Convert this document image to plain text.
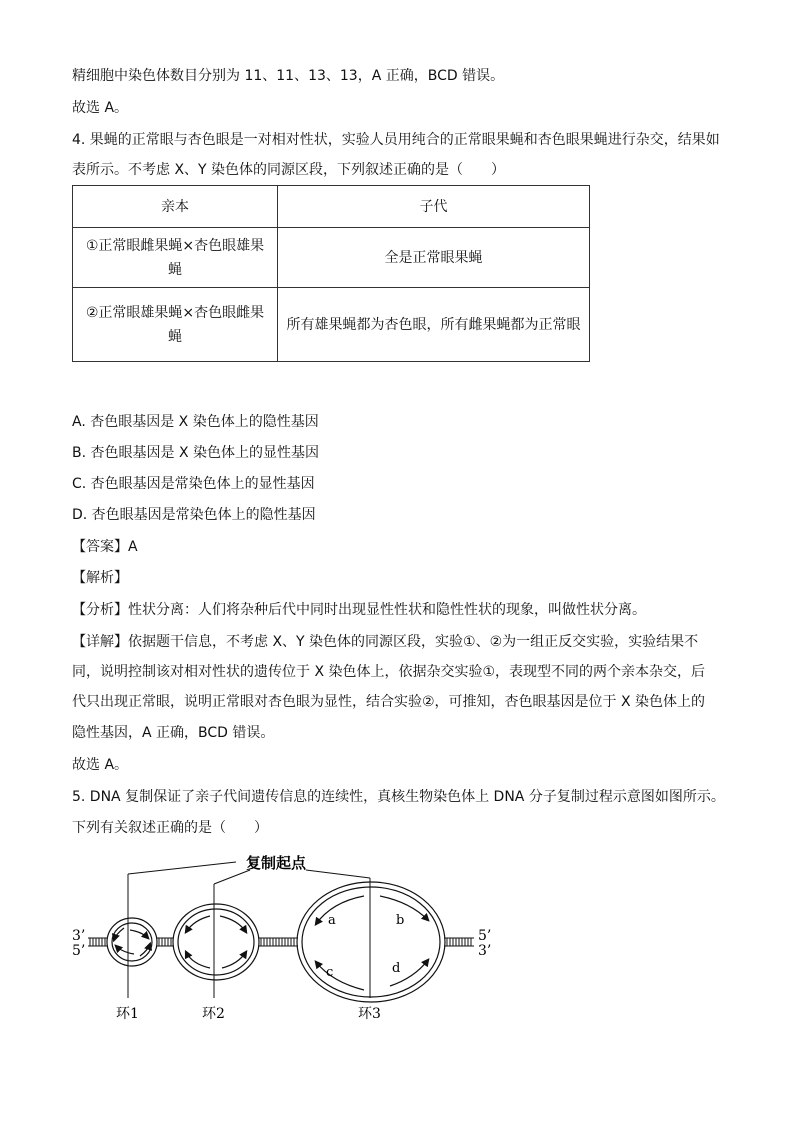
精细胞中染色体数目分别为 11、11、13、13，A 正确，BCD 错误。
故选 A。
4. 果蝇的正常眼与杏色眼是一对相对性状，实验人员用纯合的正常眼果蝇和杏色眼果蝇进行杂交，结果如
表所示。不考虑 X、Y 染色体的同源区段，下列叙述正确的是（　　）
亲本	子代

①正常眼雌果蝇×杏色眼雄果
蝇	全是正常眼果蝇

②正常眼雄果蝇×杏色眼雌果
蝇	所有雄果蝇都为杏色眼，所有雌果蝇都为正常眼
A. 杏色眼基因是 X 染色体上的隐性基因
B. 杏色眼基因是 X 染色体上的显性基因
C. 杏色眼基因是常染色体上的显性基因
D. 杏色眼基因是常染色体上的隐性基因
【答案】A
【解析】
【分析】性状分离：人们将杂种后代中同时出现显性性状和隐性性状的现象，叫做性状分离。
【详解】依据题干信息，不考虑 X、Y 染色体的同源区段，实验①、②为一组正反交实验，实验结果不
同，说明控制该对相对性状的遗传位于 X 染色体上，依据杂交实验①，表现型不同的两个亲本杂交，后
代只出现正常眼，说明正常眼对杏色眼为显性，结合实验②，可推知，杏色眼基因是位于 X 染色体上的
隐性基因，A 正确，BCD 错误。
故选 A。
5. DNA 复制保证了亲子代间遗传信息的连续性，真核生物染色体上 DNA 分子复制过程示意图如图所示。
下列有关叙述正确的是（　　）
复制起点
a	b
c	d
3’
5’
5’
3’
环1	环2	环3
